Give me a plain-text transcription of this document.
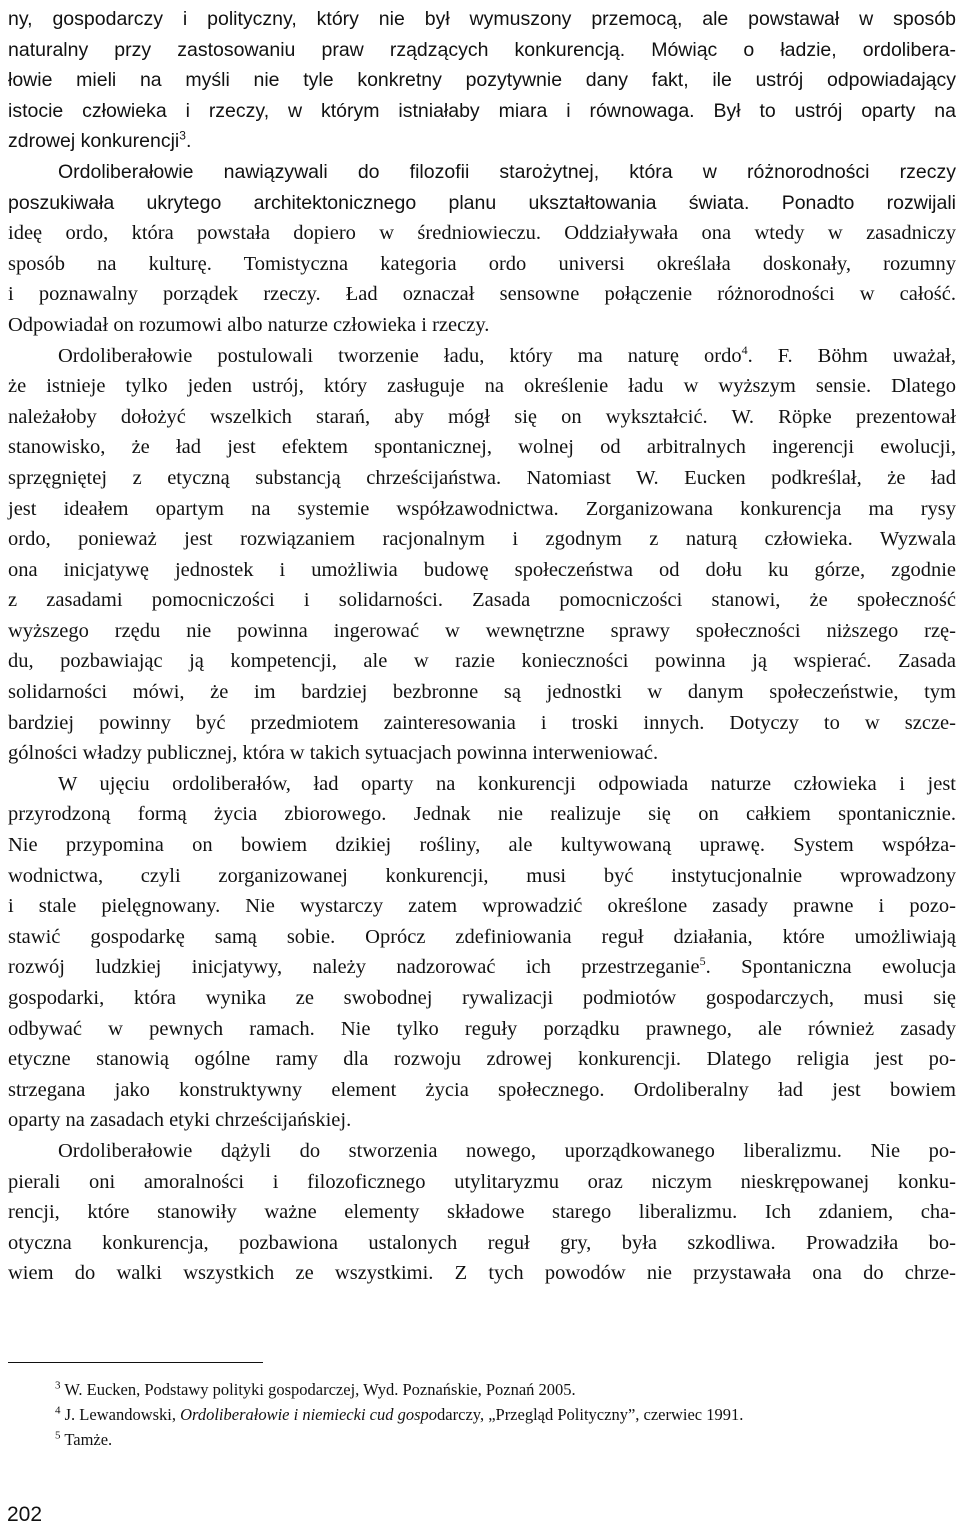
ny, gospodarczy i polityczny, który nie był wymuszony przemocą, ale powstawał w sposób
naturalny przy zastosowaniu praw rządzących konkurencją. Mówiąc o ładzie, ordolibera-
łowie mieli na myśli nie tyle konkretny pozytywnie dany fakt, ile ustrój odpowiadający
istocie człowieka i rzeczy, w którym istniałaby miara i równowaga. Był to ustrój oparty na
zdrowej konkurencji$^3$.
Ordoliberałowie nawiązywali do filozofii starożytnej, która w różnorodności rzeczy
poszukiwała ukrytego architektonicznego planu ukształtowania świata. Ponadto rozwijali
ideę ordo, która powstała dopiero w średniowieczu. Oddziaływała ona wtedy w zasadniczy
sposób na kulturę. Tomistyczna kategoria ordo universi określała doskonały, rozumny
i poznawalny porządek rzeczy. Ład oznaczał sensowne połączenie różnorodności w całość.
Odpowiadał on rozumowi albo naturze człowieka i rzeczy.
Ordoliberałowie postulowali tworzenie ładu, który ma naturę ordo$^4$. F. Böhm uważał,
że istnieje tylko jeden ustrój, który zasługuje na określenie ładu w wyższym sensie. Dlatego
należałoby dołożyć wszelkich starań, aby mógł się on wykształcić. W. Röpke prezentował
stanowisko, że ład jest efektem spontanicznej, wolnej od arbitralnych ingerencji ewolucji,
sprzęgniętej z etyczną substancją chrześcijaństwa. Natomiast W. Eucken podkreślał, że ład
jest ideałem opartym na systemie współzawodnictwa. Zorganizowana konkurencja ma rysy
ordo, ponieważ jest rozwiązaniem racjonalnym i zgodnym z naturą człowieka. Wyzwala
ona inicjatywę jednostek i umożliwia budowę społeczeństwa od dołu ku górze, zgodnie
z zasadami pomocniczości i solidarności. Zasada pomocniczości stanowi, że społeczność
wyższego rzędu nie powinna ingerować w wewnętrzne sprawy społeczności niższego rzę-
du, pozbawiając ją kompetencji, ale w razie konieczności powinna ją wspierać. Zasada
solidarności mówi, że im bardziej bezbronne są jednostki w danym społeczeństwie, tym
bardziej powinny być przedmiotem zainteresowania i troski innych. Dotyczy to w szcze-
gólności władzy publicznej, która w takich sytuacjach powinna interweniować.
W ujęciu ordoliberałów, ład oparty na konkurencji odpowiada naturze człowieka i jest
przyrodzoną formą życia zbiorowego. Jednak nie realizuje się on całkiem spontanicznie.
Nie przypomina on bowiem dzikiej rośliny, ale kultywowaną uprawę. System współza-
wodnictwa, czyli zorganizowanej konkurencji, musi być instytucjonalnie wprowadzony
i stale pielęgnowany. Nie wystarczy zatem wprowadzić określone zasady prawne i pozo-
stawić gospodarkę samą sobie. Oprócz zdefiniowania reguł działania, które umożliwiają
rozwój ludzkiej inicjatywy, należy nadzorować ich przestrzeganie$^5$. Spontaniczna ewolucja
gospodarki, która wynika ze swobodnej rywalizacji podmiotów gospodarczych, musi się
odbywać w pewnych ramach. Nie tylko reguły porządku prawnego, ale również zasady
etyczne stanowią ogólne ramy dla rozwoju zdrowej konkurencji. Dlatego religia jest po-
strzegana jako konstruktywny element życia społecznego. Ordoliberalny ład jest bowiem
oparty na zasadach etyki chrześcijańskiej.
Ordoliberałowie dążyli do stworzenia nowego, uporządkowanego liberalizmu. Nie po-
pierali oni amoralności i filozoficznego utylitaryzmu oraz niczym nieskrępowanej konku-
rencji, które stanowiły ważne elementy składowe starego liberalizmu. Ich zdaniem, cha-
otyczna konkurencja, pozbawiona ustalonych reguł gry, była szkodliwa. Prowadziła bo-
wiem do walki wszystkich ze wszystkimi. Z tych powodów nie przystawała ona do chrze-
$^3$ W. Eucken, Podstawy polityki gospodarczej, Wyd. Poznańskie, Poznań 2005.
$^4$ J. Lewandowski, Ordoliberałowie i niemiecki cud gospodarczy, „Przegląd Polityczny”, czerwiec 1991.
$^5$ Tamże.
202
